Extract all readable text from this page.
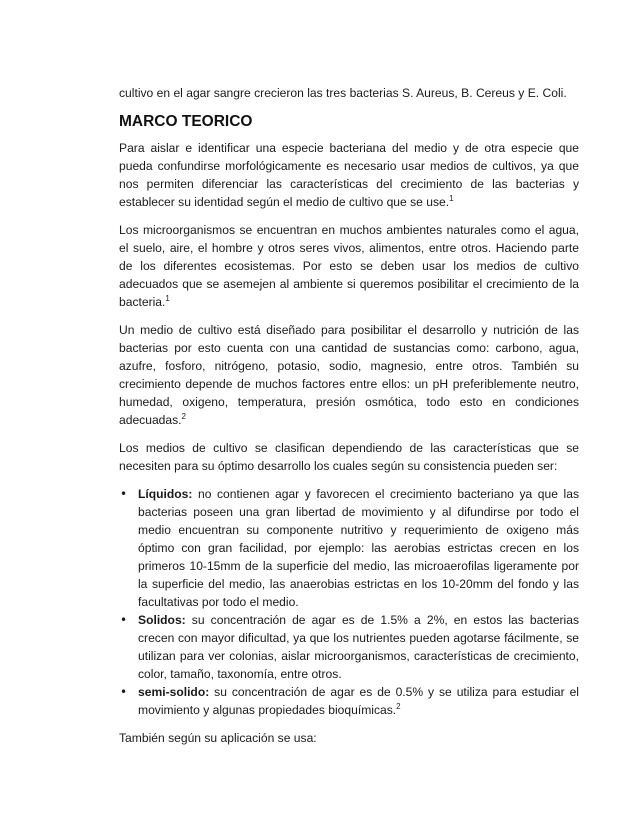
cultivo en el agar sangre crecieron las tres bacterias S. Aureus, B. Cereus y E. Coli.

MARCO TEORICO

Para aislar e identificar una especie bacteriana del medio y de otra especie que pueda confundirse morfológicamente es necesario usar medios de cultivos, ya que nos permiten diferenciar las características del crecimiento de las bacterias y establecer su identidad según el medio de cultivo que se use.$^1$

Los microorganismos se encuentran en muchos ambientes naturales como el agua, el suelo, aire, el hombre y otros seres vivos, alimentos, entre otros. Haciendo parte de los diferentes ecosistemas. Por esto se deben usar los medios de cultivo adecuados que se asemejen al ambiente si queremos posibilitar el crecimiento de la bacteria.$^1$

Un medio de cultivo está diseñado para posibilitar el desarrollo y nutrición de las bacterias por esto cuenta con una cantidad de sustancias como: carbono, agua, azufre, fosforo, nitrógeno, potasio, sodio, magnesio, entre otros. También su crecimiento depende de muchos factores entre ellos: un pH preferiblemente neutro, humedad, oxigeno, temperatura, presión osmótica, todo esto en condiciones adecuadas.$^2$

Los medios de cultivo se clasifican dependiendo de las características que se necesiten para su óptimo desarrollo los cuales según su consistencia pueden ser:

• Líquidos: no contienen agar y favorecen el crecimiento bacteriano ya que las bacterias poseen una gran libertad de movimiento y al difundirse por todo el medio encuentran su componente nutritivo y requerimiento de oxigeno más óptimo con gran facilidad, por ejemplo: las aerobias estrictas crecen en los primeros 10-15mm de la superficie del medio, las microaerofilas ligeramente por la superficie del medio, las anaerobias estrictas en los 10-20mm del fondo y las facultativas por todo el medio.
• Solidos: su concentración de agar es de 1.5% a 2%, en estos las bacterias crecen con mayor dificultad, ya que los nutrientes pueden agotarse fácilmente, se utilizan para ver colonias, aislar microorganismos, características de crecimiento, color, tamaño, taxonomía, entre otros.
• semi-solido: su concentración de agar es de 0.5% y se utiliza para estudiar el movimiento y algunas propiedades bioquímicas.$^2$

También según su aplicación se usa:
